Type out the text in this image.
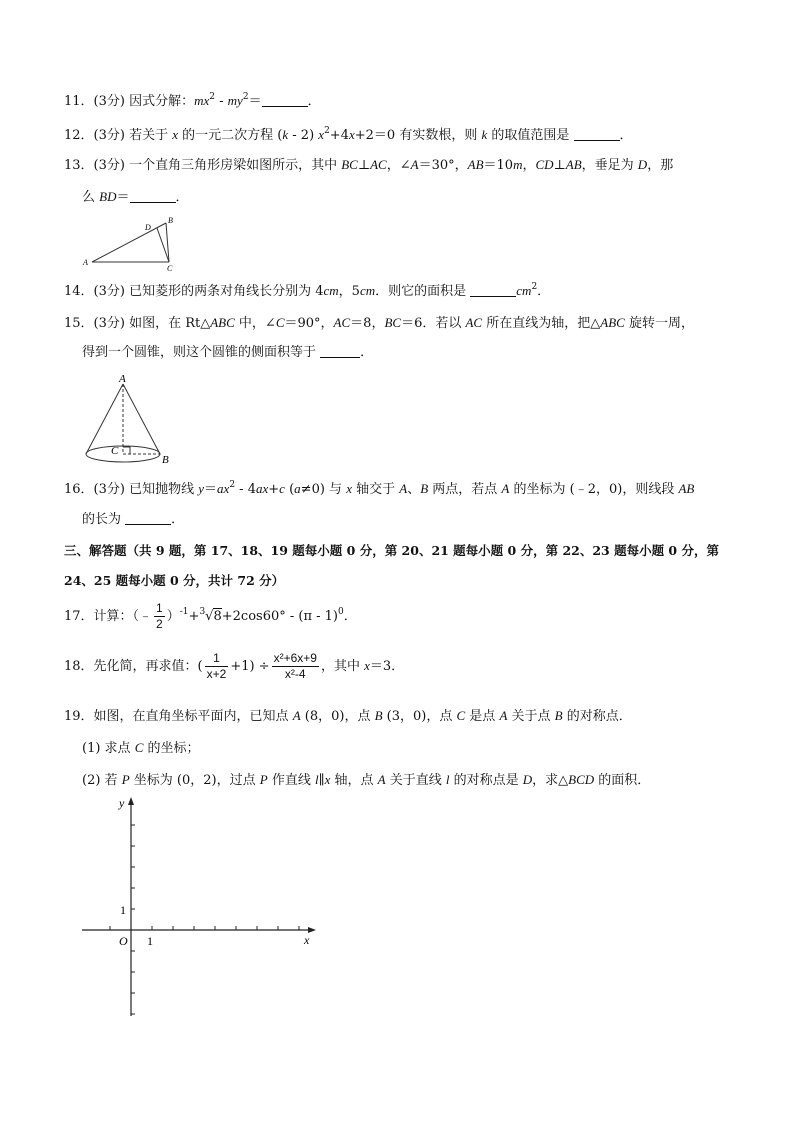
11．(3分) 因式分解：$mx^2 - my^2=$	．
12．(3分) 若关于 x 的一元二次方程 (k - 2) $x^2+4x+2=0$ 有实数根，则 k 的取值范围是	．
13．(3分) 一个直角三角形房梁如图所示，其中 BC⊥AC，∠A＝30°，AB＝10m，CD⊥AB，垂足为 D，那
么 BD＝	．
A
B
C
D
14．(3分) 已知菱形的两条对角线长分别为 4cm，5cm．则它的面积是	$cm^2$．
15．(3分) 如图，在 Rt△ABC 中，∠C＝90°，AC＝8，BC＝6．若以 AC 所在直线为轴，把△ABC 旋转一周，
得到一个圆锥，则这个圆锥的侧面积等于	．
A
C
B
16．(3分) 已知抛物线 $y=ax^2 - 4ax+c$ (a≠0) 与 x 轴交于 A、B 两点，若点 A 的坐标为 (﹣2，0)，则线段 AB
的长为	．
三、解答题（共 9 题，第 17、18、19 题每小题 0 分，第 20、21 题每小题 0 分，第 22、23 题每小题 0 分，第
24、25 题每小题 0 分，共计 72 分）
17．计算：（﹣ $\frac{1}{2} )^{-1}+^3√8+2\cos 60^\circ - (\pi - 1)^0$．
18．先化简，再求值：( $\frac{1}{x+2} +1) \div \frac{\text{x²+6x+9}}{\text{x²-4}}$ ，其中 x＝3．
19．如图，在直角坐标平面内，已知点 A (8，0)，点 B (3，0)，点 C 是点 A 关于点 B 的对称点．
(1) 求点 C 的坐标；
(2) 若 P 坐标为 (0，2)，过点 P 作直线 l∥x 轴，点 A 关于直线 l 的对称点是 D，求△BCD 的面积．
y
x
O 1
1
